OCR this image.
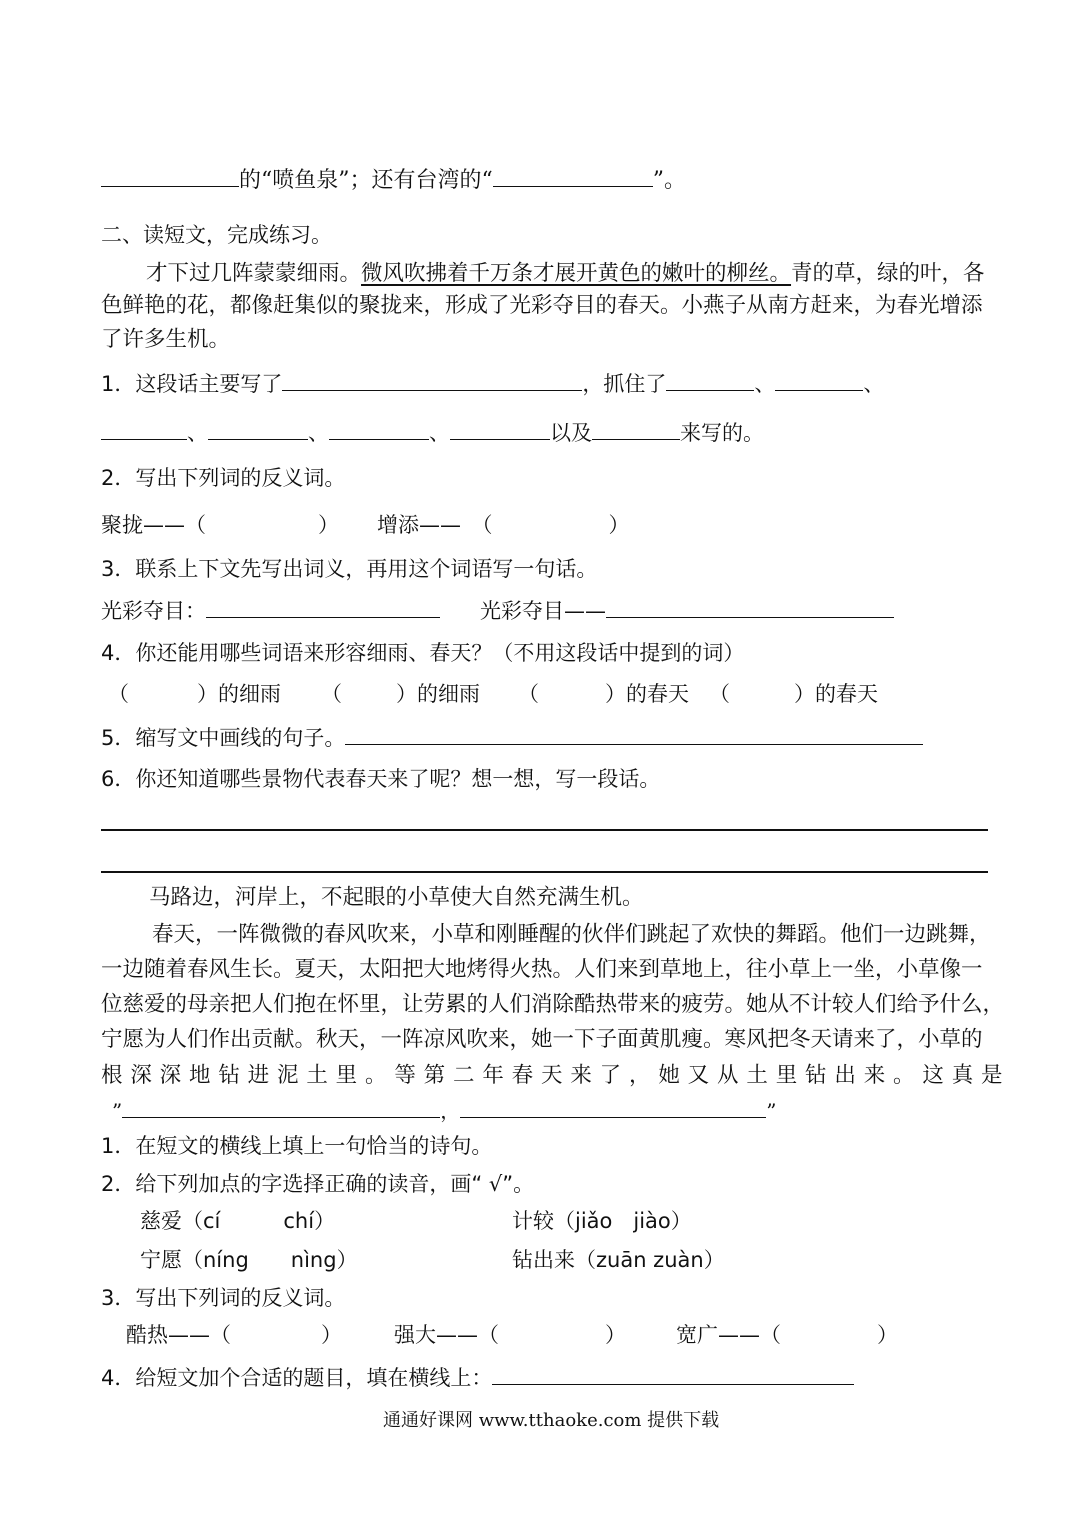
的“喷鱼泉”；还有台湾的“	”。
二、读短文，完成练习。
才下过几阵蒙蒙细雨。微风吹拂着千万条才展开黄色的嫩叶的柳丝。青的草，绿的叶，各
色鲜艳的花，都像赶集似的聚拢来，形成了光彩夺目的春天。小燕子从南方赶来，为春光增添
了许多生机。
1．这段话主要写了	，抓住了	、	、
、	、	、	以及	来写的。
2．写出下列词的反义词。
聚拢——（	） 增添——　（	）
3．联系上下文先写出词义，再用这个词语写一句话。
光彩夺目：	光彩夺目——
4．你还能用哪些词语来形容细雨、春天？（不用这段话中提到的词）
（	）的细雨 （	）的细雨 （	）的春天 （	）的春天
5．缩写文中画线的句子。
6．你还知道哪些景物代表春天来了呢？想一想，写一段话。
马路边，河岸上，不起眼的小草使大自然充满生机。
春天，一阵微微的春风吹来，小草和刚睡醒的伙伴们跳起了欢快的舞蹈。他们一边跳舞，
一边随着春风生长。夏天，太阳把大地烤得火热。人们来到草地上，往小草上一坐，小草像一
位慈爱的母亲把人们抱在怀里，让劳累的人们消除酷热带来的疲劳。她从不计较人们给予什么，
宁愿为人们作出贡献。秋天，一阵凉风吹来，她一下子面黄肌瘦。寒风把冬天请来了，小草的
根 深 深 地 钻 进 泥 土 里 。 等 第 二 年 春 天 来 了 ， 她 又 从 土 里 钻 出 来 。 这 真 是
”	，	”
1．在短文的横线上填上一句恰当的诗句。
2．给下列加点的字选择正确的读音，画“ √”。
慈爱（cí　　　chí）	计较（jiǎo　jiào）
宁愿（níng　　nìng）	钻出来（zuān zuàn）
3．写出下列词的反义词。
酷热——（	） 强大——（	） 宽广——（	）
4．给短文加个合适的题目，填在横线上：
通通好课网 www.tthaoke.com 提供下载
